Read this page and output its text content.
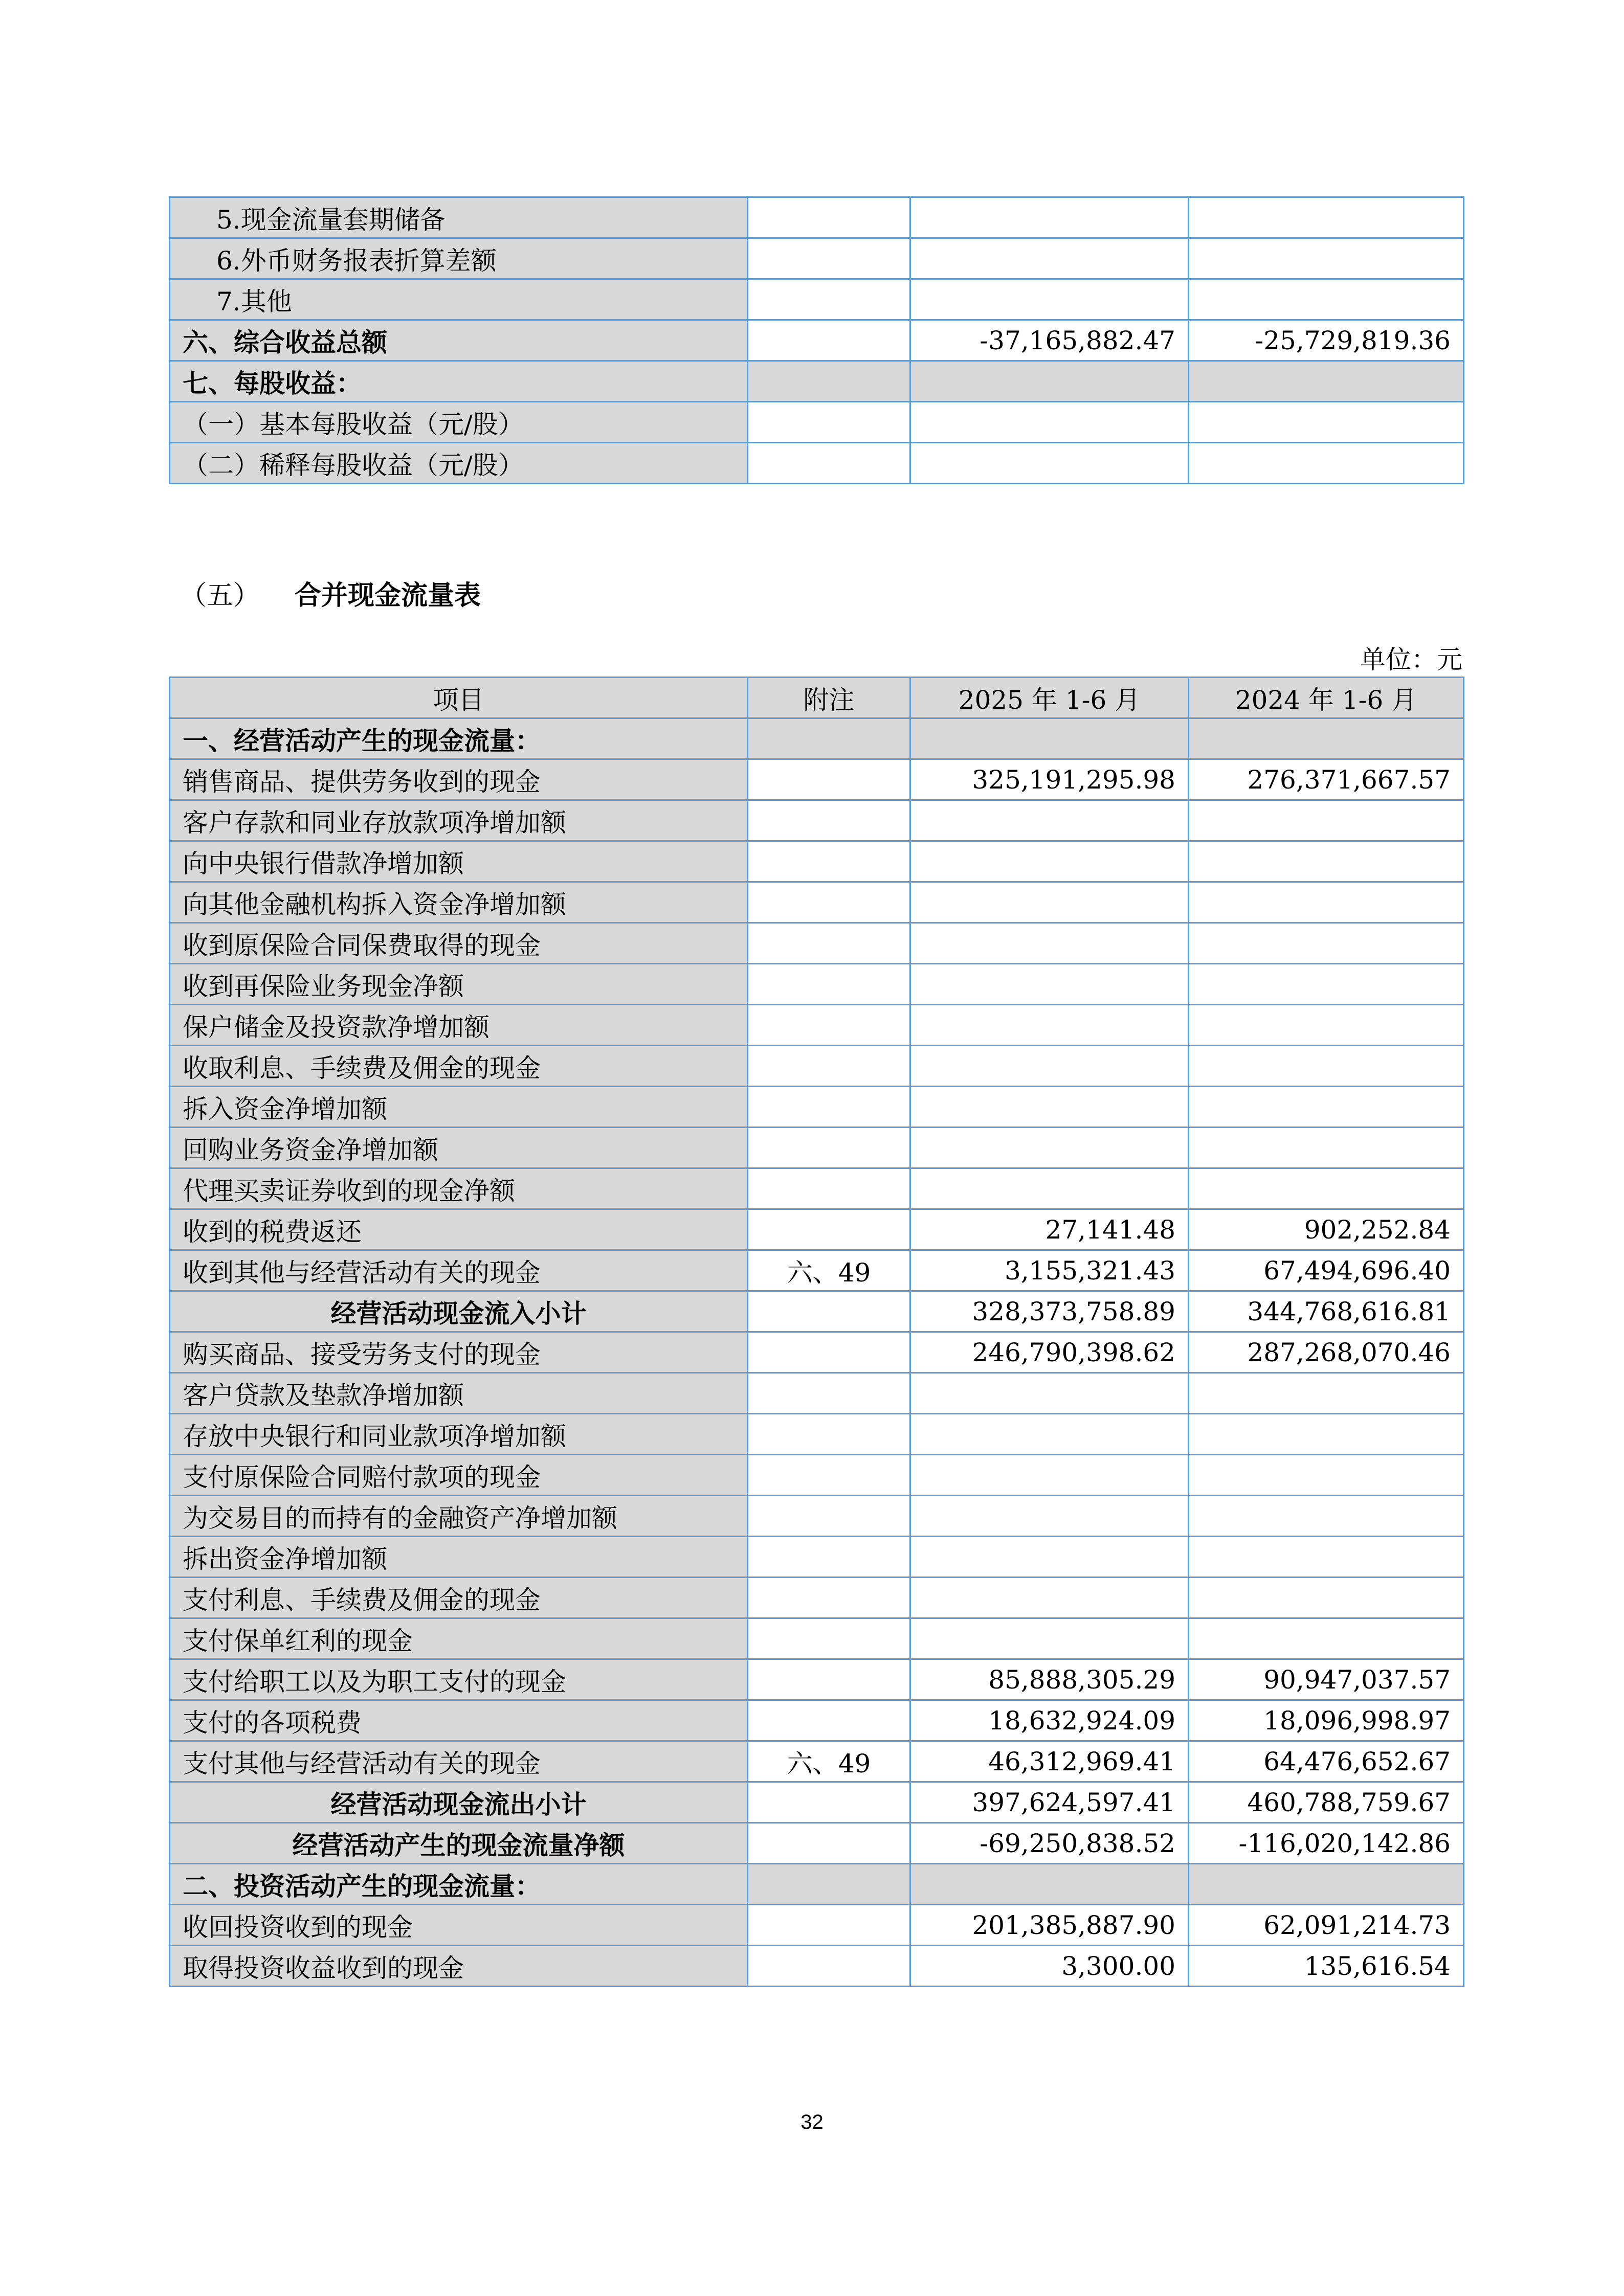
5.现金流量套期储备			
6.外币财务报表折算差额			
7.其他			
六、综合收益总额		-37,165,882.47	-25,729,819.36
七、每股收益：			
（一）基本每股收益（元/股）			
（二）稀释每股收益（元/股）			
（五） 合并现金流量表
单位：元
项目	附注	2025 年 1-6 月	2024 年 1-6 月
一、经营活动产生的现金流量：			
销售商品、提供劳务收到的现金		325,191,295.98	276,371,667.57
客户存款和同业存放款项净增加额			
向中央银行借款净增加额			
向其他金融机构拆入资金净增加额			
收到原保险合同保费取得的现金			
收到再保险业务现金净额			
保户储金及投资款净增加额			
收取利息、手续费及佣金的现金			
拆入资金净增加额			
回购业务资金净增加额			
代理买卖证券收到的现金净额			
收到的税费返还		27,141.48	902,252.84
收到其他与经营活动有关的现金	六、49	3,155,321.43	67,494,696.40
经营活动现金流入小计		328,373,758.89	344,768,616.81
购买商品、接受劳务支付的现金		246,790,398.62	287,268,070.46
客户贷款及垫款净增加额			
存放中央银行和同业款项净增加额			
支付原保险合同赔付款项的现金			
为交易目的而持有的金融资产净增加额			
拆出资金净增加额			
支付利息、手续费及佣金的现金			
支付保单红利的现金			
支付给职工以及为职工支付的现金		85,888,305.29	90,947,037.57
支付的各项税费		18,632,924.09	18,096,998.97
支付其他与经营活动有关的现金	六、49	46,312,969.41	64,476,652.67
经营活动现金流出小计		397,624,597.41	460,788,759.67
经营活动产生的现金流量净额		-69,250,838.52	-116,020,142.86
二、投资活动产生的现金流量：			
收回投资收到的现金		201,385,887.90	62,091,214.73
取得投资收益收到的现金		3,300.00	135,616.54
32
